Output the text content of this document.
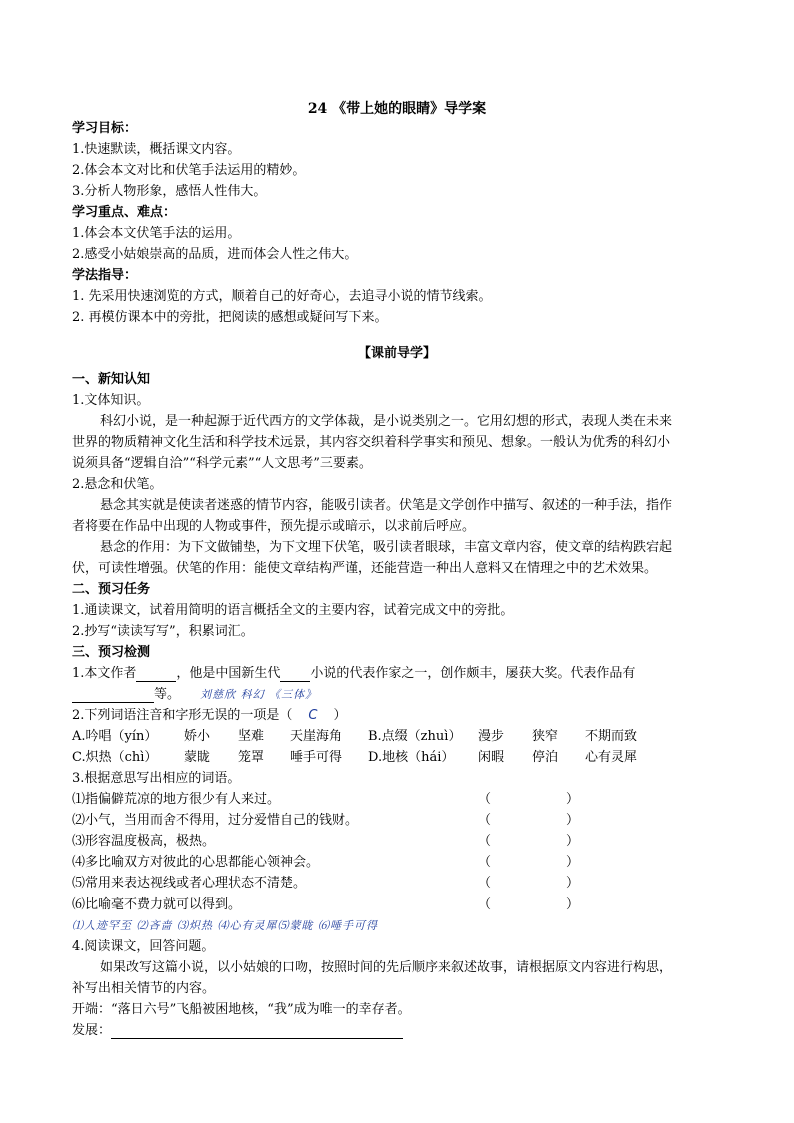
24 《带上她的眼睛》导学案
学习目标：
1.快速默读，概括课文内容。
2.体会本文对比和伏笔手法运用的精妙。
3.分析人物形象，感悟人性伟大。
学习重点、难点：
1.体会本文伏笔手法的运用。
2.感受小姑娘崇高的品质，进而体会人性之伟大。
学法指导：
1. 先采用快速浏览的方式，顺着自己的好奇心，去追寻小说的情节线索。
2. 再模仿课本中的旁批，把阅读的感想或疑问写下来。
【课前导学】
一、新知认知
1.文体知识。
科幻小说，是一种起源于近代西方的文学体裁，是小说类别之一。它用幻想的形式，表现人类在未来
世界的物质精神文化生活和科学技术远景，其内容交织着科学事实和预见、想象。一般认为优秀的科幻小
说须具备“逻辑自洽”“科学元素”“人文思考”三要素。
2.悬念和伏笔。
悬念其实就是使读者迷惑的情节内容，能吸引读者。伏笔是文学创作中描写、叙述的一种手法，指作
者将要在作品中出现的人物或事件，预先提示或暗示，以求前后呼应。
悬念的作用：为下文做铺垫，为下文埋下伏笔，吸引读者眼球，丰富文章内容，使文章的结构跌宕起
伏，可读性增强。伏笔的作用：能使文章结构严谨，还能营造一种出人意料又在情理之中的艺术效果。
二、预习任务
1.通读课文，试着用简明的语言概括全文的主要内容，试着完成文中的旁批。
2.抄写“读读写写”，积累词汇。
三、预习检测
1.本文作者	，他是中国新生代 小说的代表作家之一，创作颇丰，屡获大奖。代表作品有
等。 刘慈欣 科幻 《三体》
2.下列词语注音和字形无误的一项是（ C ）
A.吟唱（yín） 娇小 坚难 天崖海角 B.点缀（zhuì） 漫步 狭窄 不期而致
C.炽热（chì） 蒙眬 笼罩 唾手可得 D.地核（hái） 闲暇 停泊 心有灵犀
3.根据意思写出相应的词语。
⑴指偏僻荒凉的地方很少有人来过。	（	）
⑵小气，当用而舍不得用，过分爱惜自己的钱财。	（	）
⑶形容温度极高，极热。	（	）
⑷多比喻双方对彼此的心思都能心领神会。	（	）
⑸常用来表达视线或者心理状态不清楚。	（	）
⑹比喻毫不费力就可以得到。	（	）
⑴人迹罕至 ⑵吝啬 ⑶炽热 ⑷心有灵犀⑸蒙眬 ⑹唾手可得
4.阅读课文，回答问题。
如果改写这篇小说，以小姑娘的口吻，按照时间的先后顺序来叙述故事，请根据原文内容进行构思，
补写出相关情节的内容。
开端：“落日六号”飞船被困地核，“我”成为唯一的幸存者。
发展：
